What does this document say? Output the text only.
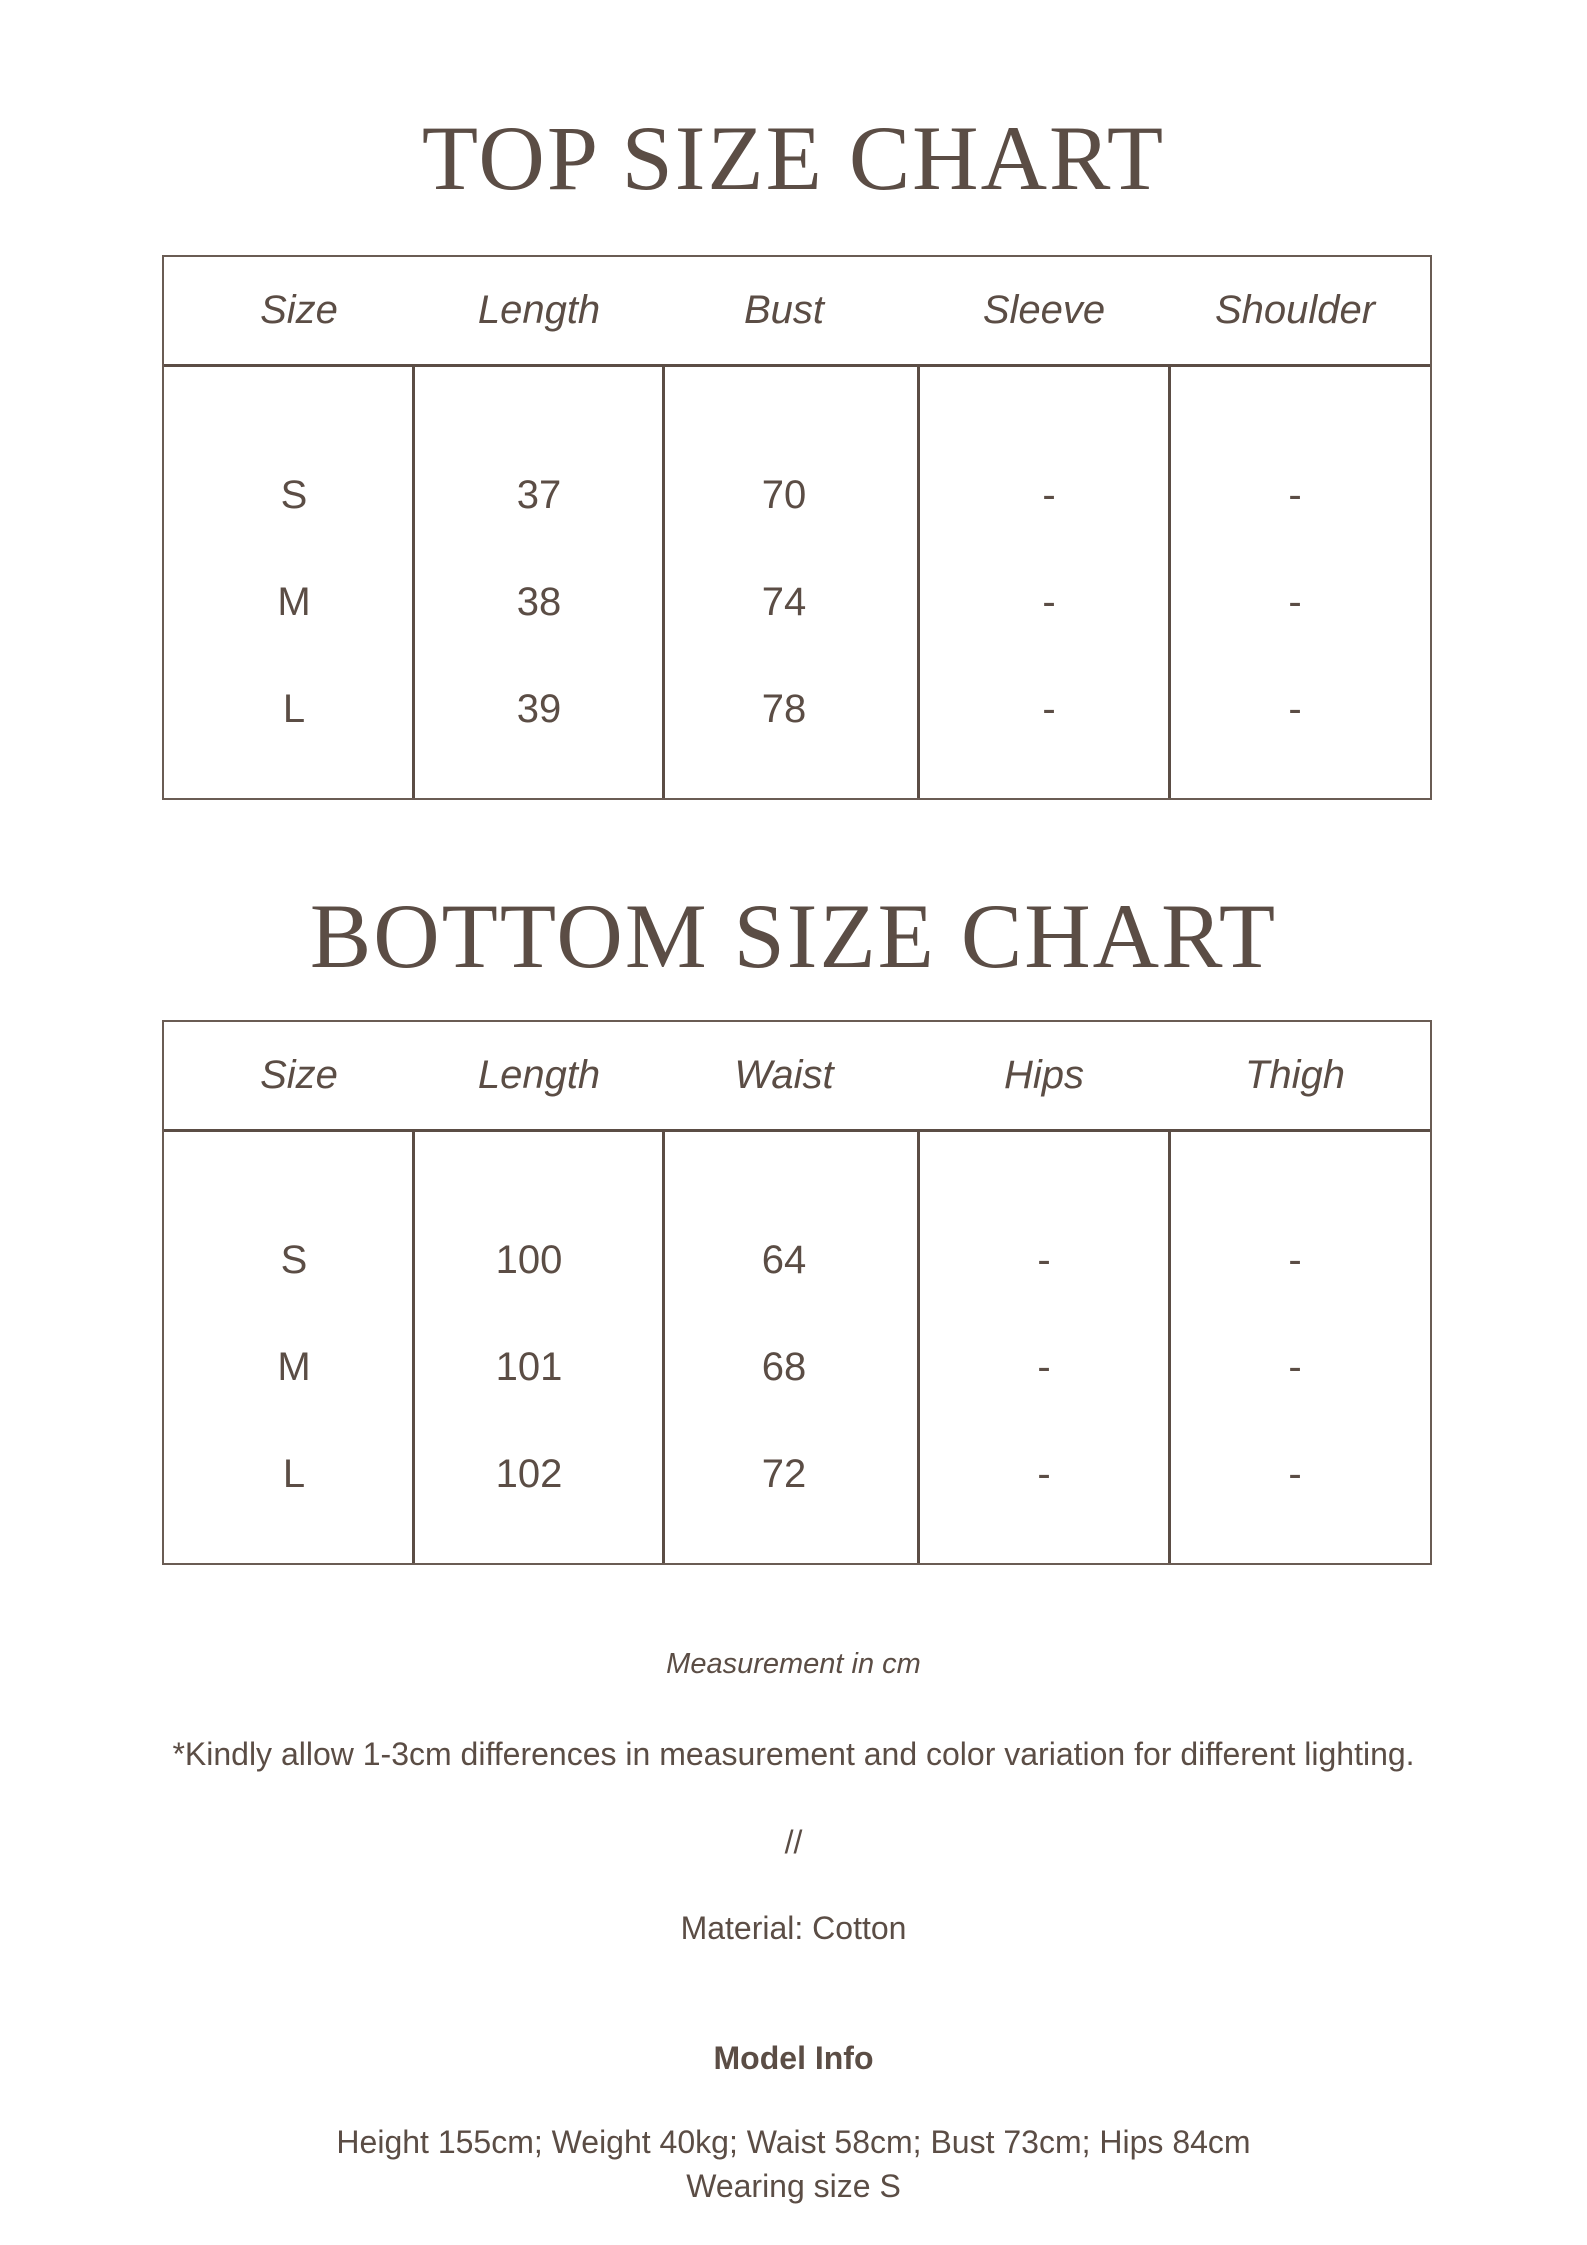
TOP SIZE CHART
Size	Length	Bust	Sleeve	Shoulder
S	37	70	-	-
M	38	74	-	-
L	39	78	-	-
BOTTOM SIZE CHART
Size	Length	Waist	Hips	Thigh
S	100	64	-	-
M	101	68	-	-
L	102	72	-	-
Measurement in cm
*Kindly allow 1-3cm differences in measurement and color variation for different lighting.
//
Material: Cotton
Model Info
Height 155cm; Weight 40kg; Waist 58cm; Bust 73cm; Hips 84cm
Wearing size S
